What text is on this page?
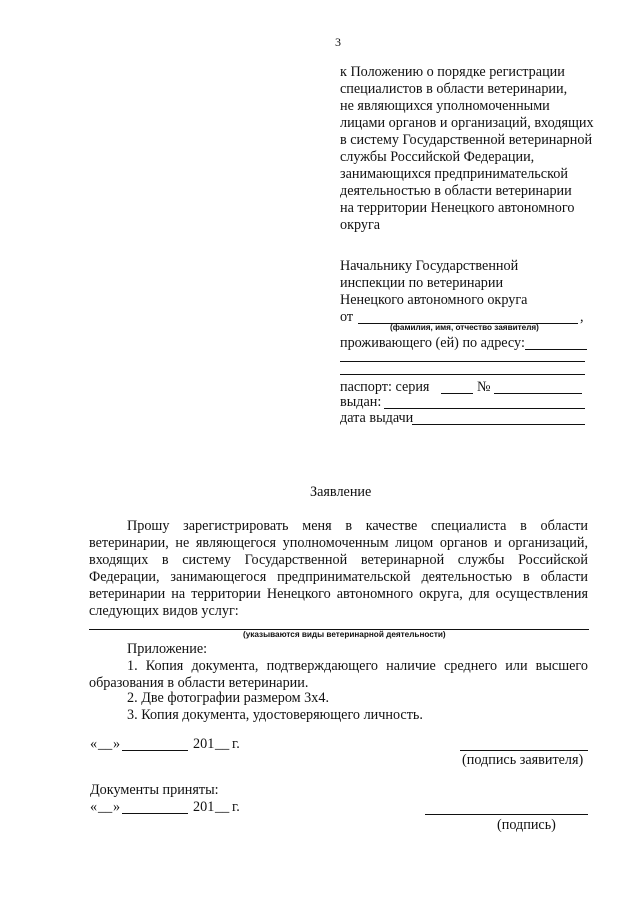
3
к Положению о порядке регистрации
специалистов в области ветеринарии,
не являющихся уполномоченными
лицами органов и организаций, входящих
в систему Государственной ветеринарной
службы Российской Федерации,
занимающихся предпринимательской
деятельностью в области ветеринарии
на территории Ненецкого автономного
округа
Начальнику Государственной
инспекции по ветеринарии
Ненецкого автономного округа
от	,
(фамилия, имя, отчество заявителя)
проживающего (ей) по адресу:
паспорт: серия	№
выдан:
дата выдачи
Заявление
Прошу зарегистрировать меня в качестве специалиста в области
ветеринарии, не являющегося уполномоченным лицом органов и организаций,
входящих в систему Государственной ветеринарной службы Российской
Федерации, занимающегося предпринимательской деятельностью в области
ветеринарии на территории Ненецкого автономного округа, для осуществления
следующих видов услуг:
(указываются виды ветеринарной деятельности)
Приложение:
1. Копия документа, подтверждающего наличие среднего или высшего
образования в области ветеринарии.
2. Две фотографии размером 3х4.
3. Копия документа, удостоверяющего личность.
« __ »	201 __ г.
(подпись заявителя)
Документы приняты:
« __ »	201 __ г.
(подпись)
